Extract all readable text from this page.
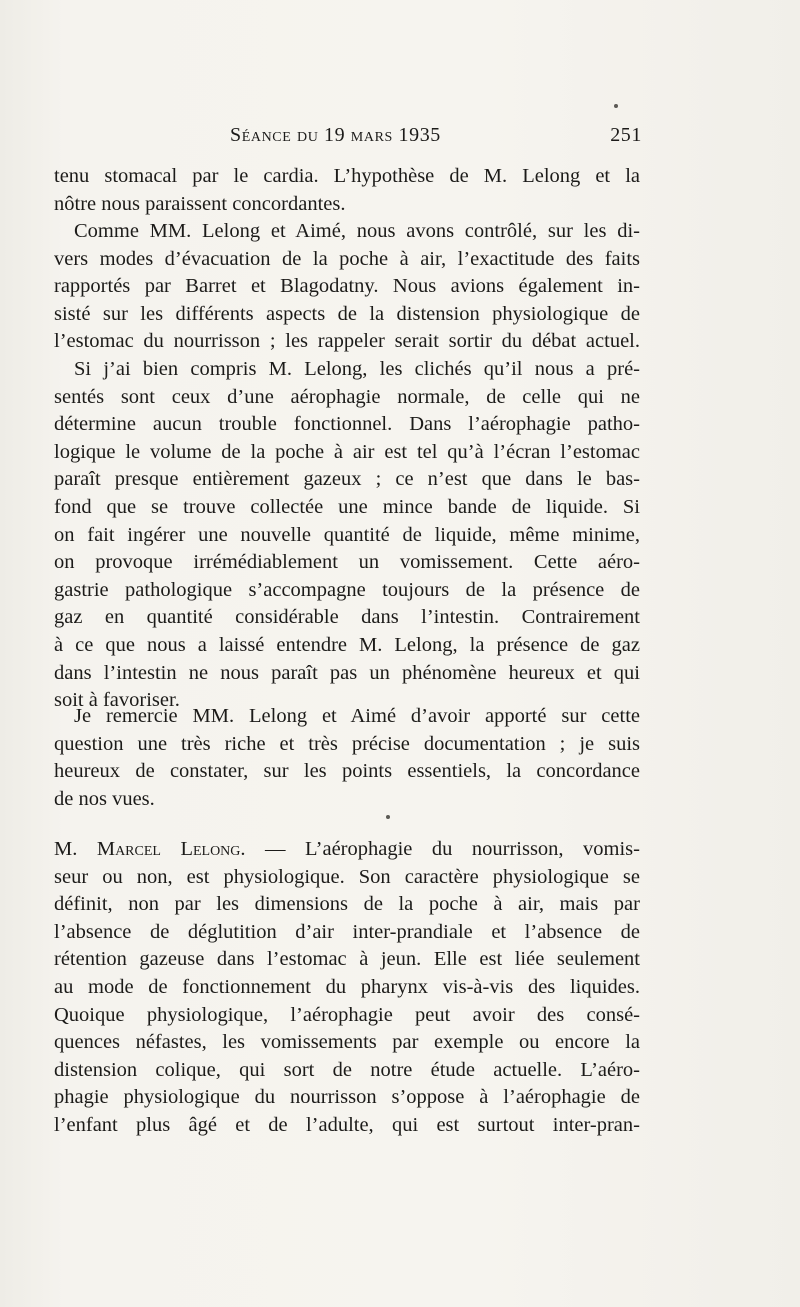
Séance du 19 mars 1935	251
tenu stomacal par le cardia. L’hypothèse de M. Lelong et la
nôtre nous paraissent concordantes.
Comme MM. Lelong et Aimé, nous avons contrôlé, sur les di-
vers modes d’évacuation de la poche à air, l’exactitude des faits
rapportés par Barret et Blagodatny. Nous avions également in-
sisté sur les différents aspects de la distension physiologique de
l’estomac du nourrisson ; les rappeler serait sortir du débat actuel.
Si j’ai bien compris M. Lelong, les clichés qu’il nous a pré-
sentés sont ceux d’une aérophagie normale, de celle qui ne
détermine aucun trouble fonctionnel. Dans l’aérophagie patho-
logique le volume de la poche à air est tel qu’à l’écran l’estomac
paraît presque entièrement gazeux ; ce n’est que dans le bas-
fond que se trouve collectée une mince bande de liquide. Si
on fait ingérer une nouvelle quantité de liquide, même minime,
on provoque irrémédiablement un vomissement. Cette aéro-
gastrie pathologique s’accompagne toujours de la présence de
gaz en quantité considérable dans l’intestin. Contrairement
à ce que nous a laissé entendre M. Lelong, la présence de gaz
dans l’intestin ne nous paraît pas un phénomène heureux et qui
soit à favoriser.
Je remercie MM. Lelong et Aimé d’avoir apporté sur cette
question une très riche et très précise documentation ; je suis
heureux de constater, sur les points essentiels, la concordance
de nos vues.
M. Marcel Lelong. — L’aérophagie du nourrisson, vomis-
seur ou non, est physiologique. Son caractère physiologique se
définit, non par les dimensions de la poche à air, mais par
l’absence de déglutition d’air inter-prandiale et l’absence de
rétention gazeuse dans l’estomac à jeun. Elle est liée seulement
au mode de fonctionnement du pharynx vis-à-vis des liquides.
Quoique physiologique, l’aérophagie peut avoir des consé-
quences néfastes, les vomissements par exemple ou encore la
distension colique, qui sort de notre étude actuelle. L’aéro-
phagie physiologique du nourrisson s’oppose à l’aérophagie de
l’enfant plus âgé et de l’adulte, qui est surtout inter-pran-
